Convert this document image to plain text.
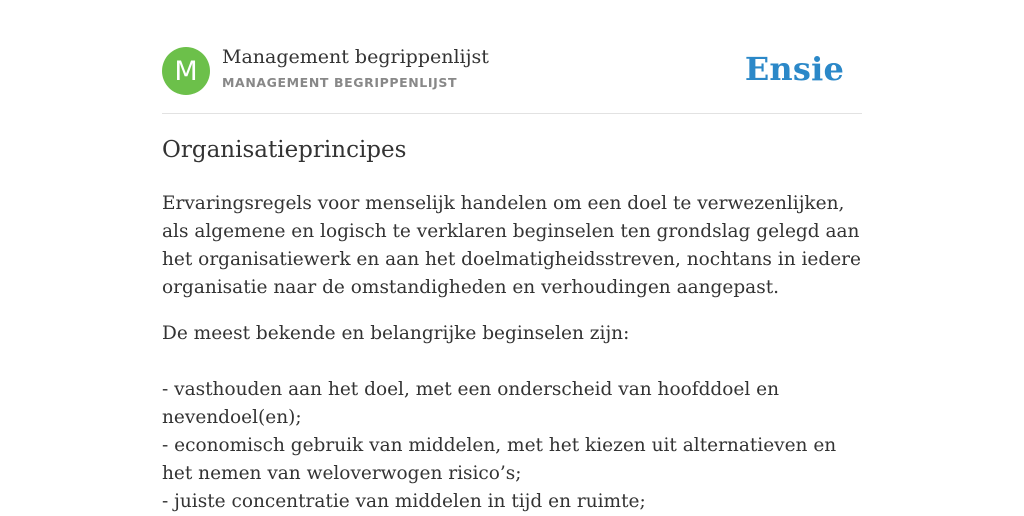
M	Management begrippenlijst
MANAGEMENT BEGRIPPENLIJST	Ensie
Organisatieprincipes

Ervaringsregels voor menselijk handelen om een doel te verwezenlijken, als algemene en logisch te verklaren beginselen ten grondslag gelegd aan het organisatiewerk en aan het doelmatigheidsstreven, nochtans in iedere organisatie naar de omstandigheden en verhoudingen aangepast.

De meest bekende en belangrijke beginselen zijn:

- vasthouden aan het doel, met een onderscheid van hoofddoel en nevendoel(en);

- economisch gebruik van middelen, met het kiezen uit alternatieven en het nemen van weloverwogen risico’s;

- juiste concentratie van middelen in tijd en ruimte;
